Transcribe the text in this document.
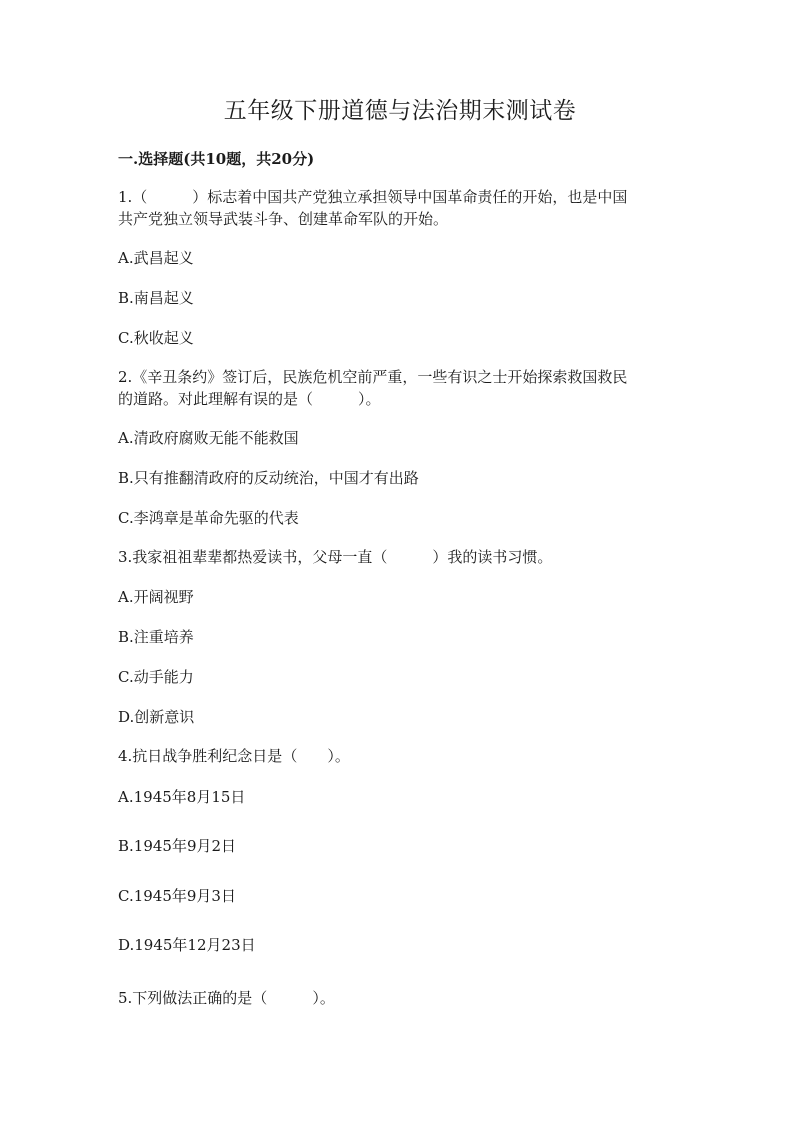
五年级下册道德与法治期末测试卷
一.选择题(共10题，共20分)
1.（　　　）标志着中国共产党独立承担领导中国革命责任的开始，也是中国
共产党独立领导武装斗争、创建革命军队的开始。
A.武昌起义
B.南昌起义
C.秋收起义
2.《辛丑条约》签订后，民族危机空前严重，一些有识之士开始探索救国救民
的道路。对此理解有误的是（　　　）。
A.清政府腐败无能不能救国
B.只有推翻清政府的反动统治，中国才有出路
C.李鸿章是革命先驱的代表
3.我家祖祖辈辈都热爱读书，父母一直（　　　）我的读书习惯。
A.开阔视野
B.注重培养
C.动手能力
D.创新意识
4.抗日战争胜利纪念日是（　　）。
A.1945年8月15日
B.1945年9月2日
C.1945年9月3日
D.1945年12月23日
5.下列做法正确的是（　　　）。
